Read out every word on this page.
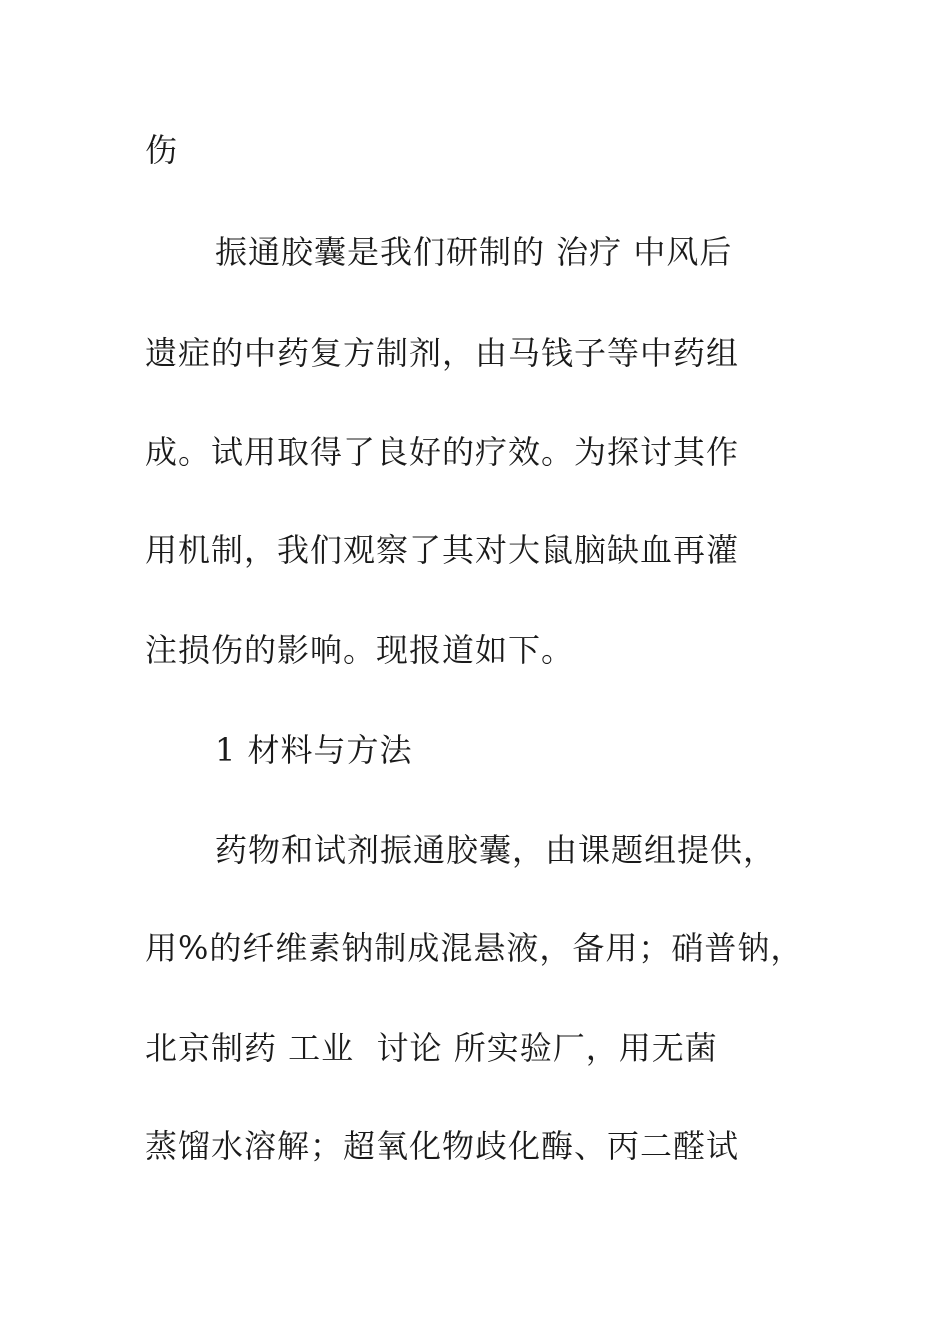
伤
振通胶囊是我们研制的 治疗 中风后
遗症的中药复方制剂，由马钱子等中药组
成。试用取得了良好的疗效。为探讨其作
用机制，我们观察了其对大鼠脑缺血再灌
注损伤的影响。现报道如下。
1 材料与方法
药物和试剂振通胶囊，由课题组提供，
用%的纤维素钠制成混悬液，备用；硝普钠，
北京制药 工业  讨论 所实验厂，用无菌
蒸馏水溶解；超氧化物歧化酶、丙二醛试
